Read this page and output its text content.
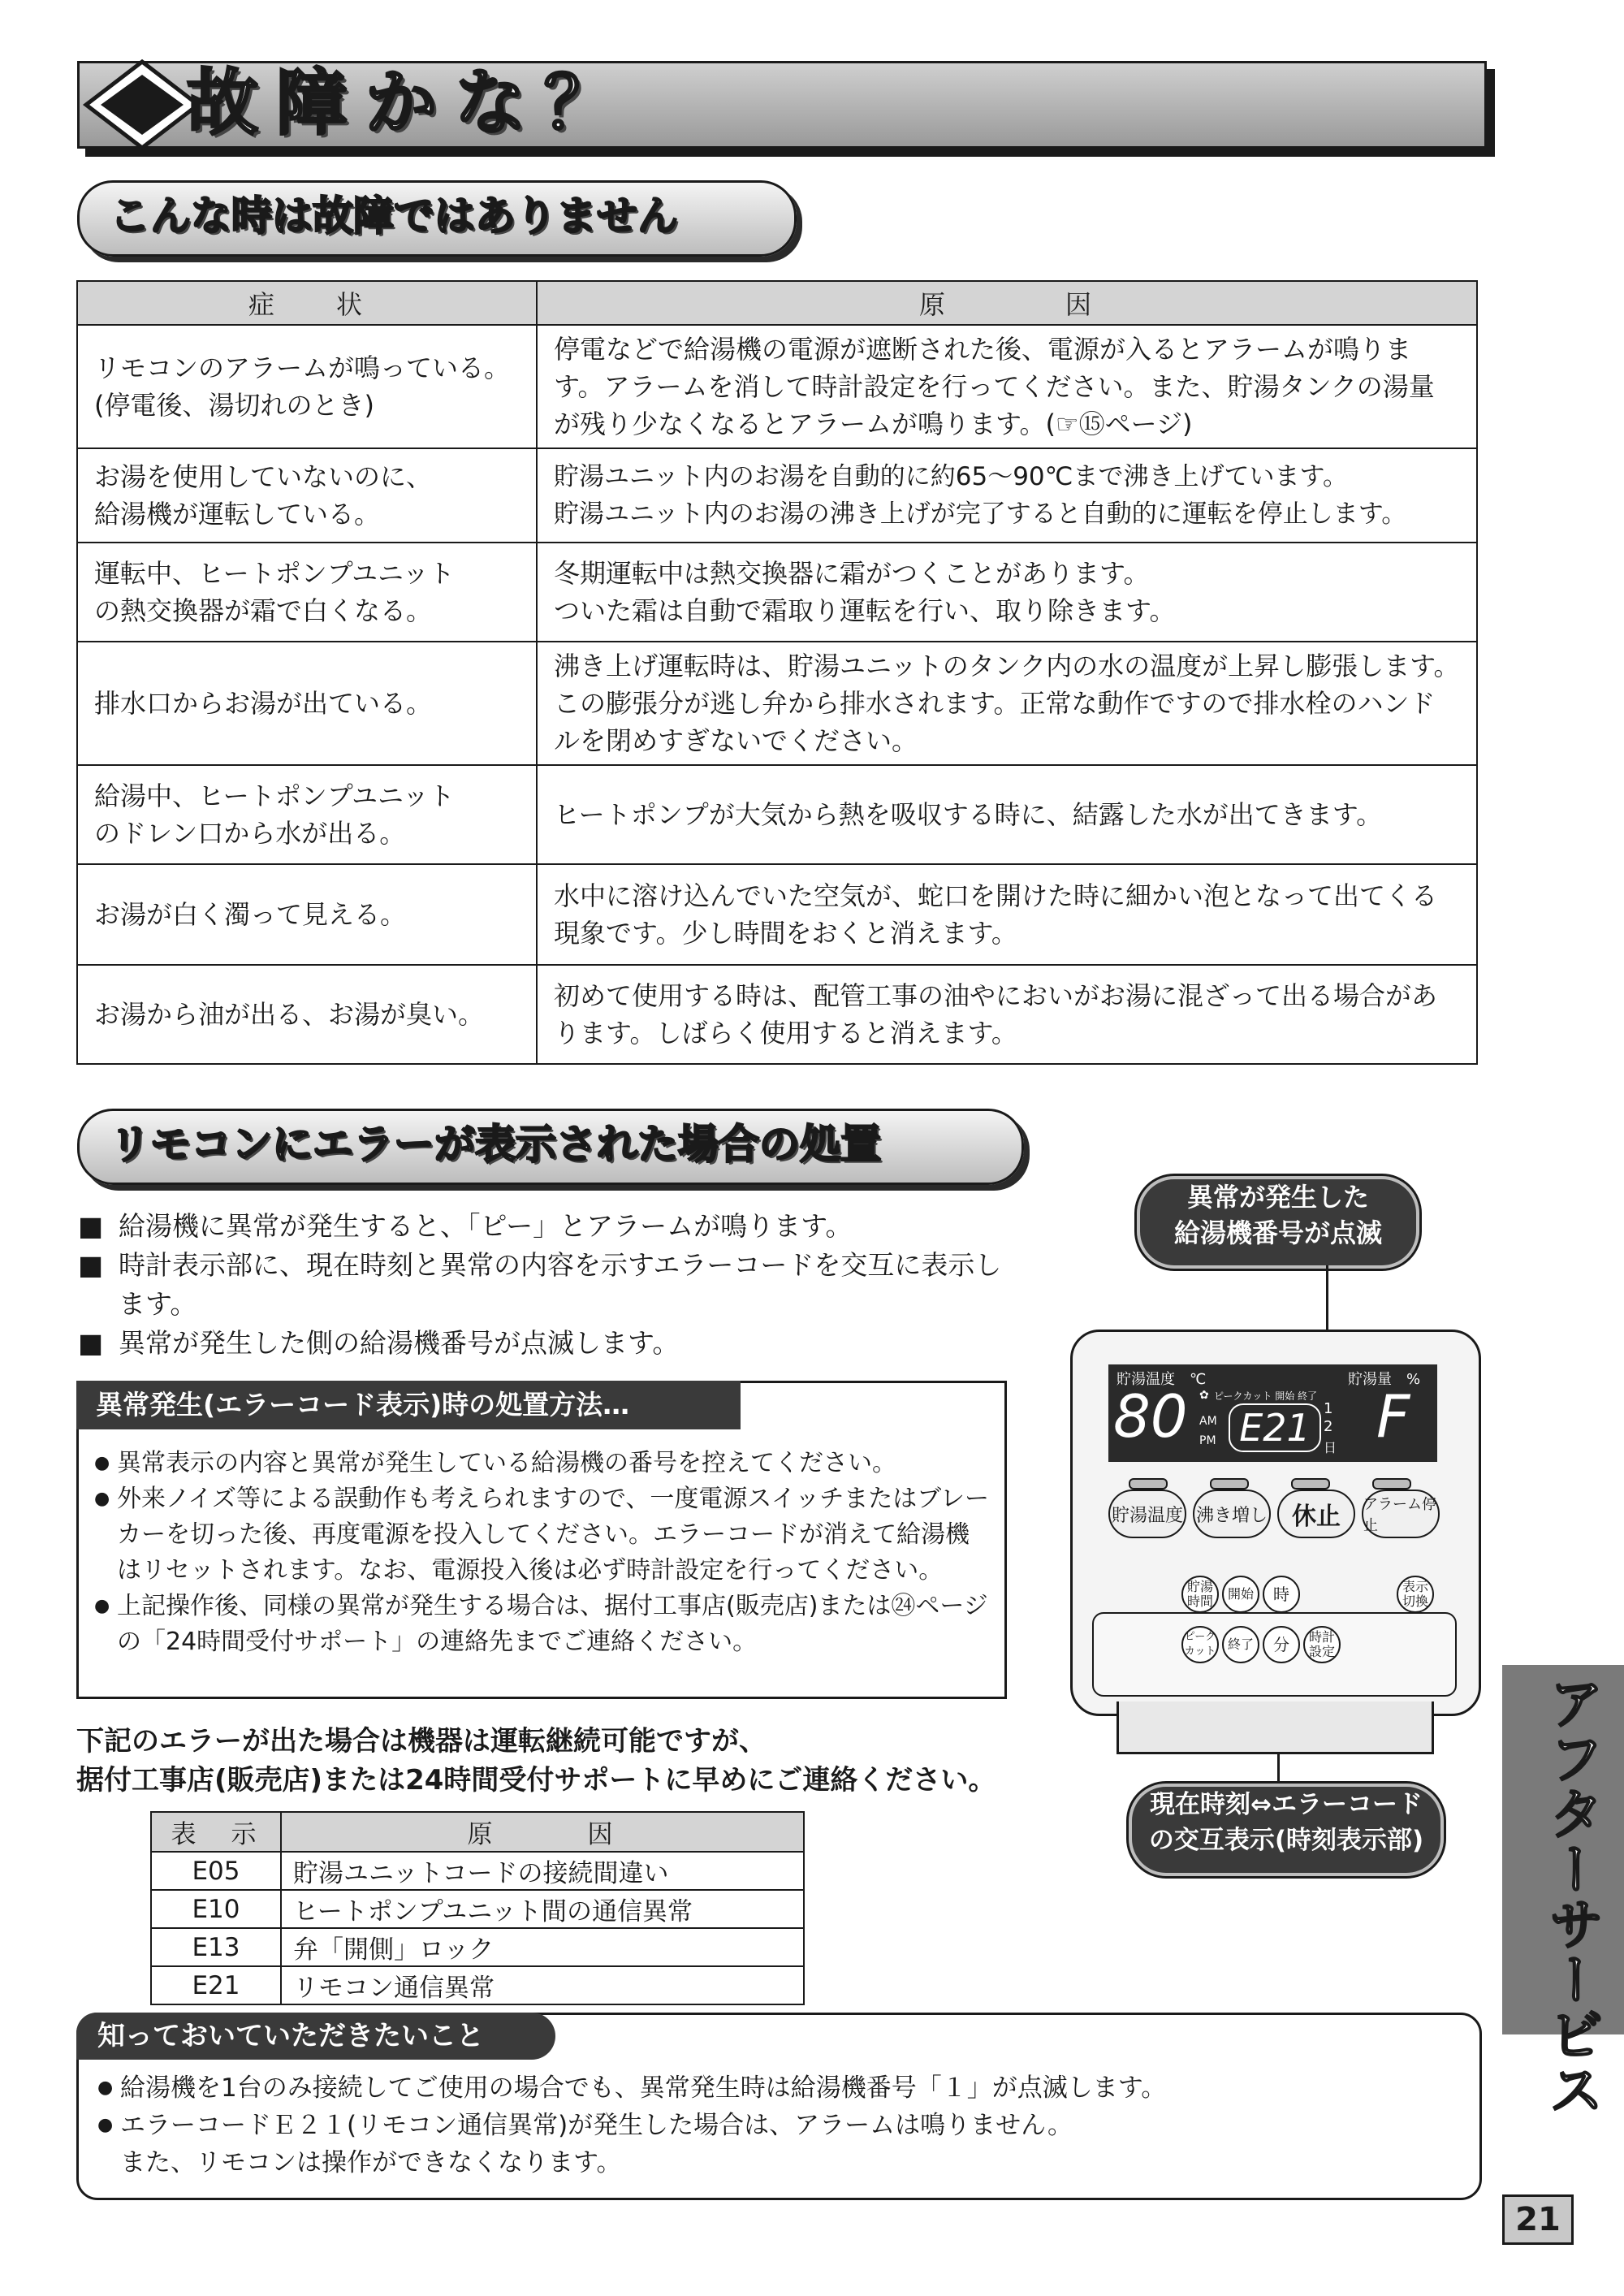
故障かな？
こんな時は故障ではありません
症　　状	原　　　　因
リモコンのアラームが鳴っている。
(停電後、湯切れのとき)	停電などで給湯機の電源が遮断された後、電源が入るとアラームが鳴ります。アラームを消して時計設定を行ってください。また、貯湯タンクの湯量が残り少なくなるとアラームが鳴ります。(☞⑮ページ)
お湯を使用していないのに、
給湯機が運転している。	貯湯ユニット内のお湯を自動的に約65〜90℃まで沸き上げています。
貯湯ユニット内のお湯の沸き上げが完了すると自動的に運転を停止します。
運転中、ヒートポンプユニット
の熱交換器が霜で白くなる。	冬期運転中は熱交換器に霜がつくことがあります。
ついた霜は自動で霜取り運転を行い、取り除きます。
排水口からお湯が出ている。	沸き上げ運転時は、貯湯ユニットのタンク内の水の温度が上昇し膨張します。この膨張分が逃し弁から排水されます。正常な動作ですので排水栓のハンドルを閉めすぎないでください。
給湯中、ヒートポンプユニット
のドレン口から水が出る。	ヒートポンプが大気から熱を吸収する時に、結露した水が出てきます。
お湯が白く濁って見える。	水中に溶け込んでいた空気が、蛇口を開けた時に細かい泡となって出てくる現象です。少し時間をおくと消えます。
お湯から油が出る、お湯が臭い。	初めて使用する時は、配管工事の油やにおいがお湯に混ざって出る場合があります。しばらく使用すると消えます。
リモコンにエラーが表示された場合の処置
■ 給湯機に異常が発生すると、「ピー」とアラームが鳴ります。
■ 時計表示部に、現在時刻と異常の内容を示すエラーコードを交互に表示します。
■ 異常が発生した側の給湯機番号が点滅します。
異常発生(エラーコード表示)時の処置方法…
● 異常表示の内容と異常が発生している給湯機の番号を控えてください。
● 外来ノイズ等による誤動作も考えられますので、一度電源スイッチまたはブレーカーを切った後、再度電源を投入してください。エラーコードが消えて給湯機はリセットされます。なお、電源投入後は必ず時計設定を行ってください。
● 上記操作後、同様の異常が発生する場合は、据付工事店(販売店)または㉔ページの「24時間受付サポート」の連絡先までご連絡ください。
下記のエラーが出た場合は機器は運転継続可能ですが、
据付工事店(販売店)または24時間受付サポートに早めにご連絡ください。
表　示	原　　　因
E05	貯湯ユニットコードの接続間違い
E10	ヒートポンプユニット間の通信異常
E13	弁「開側」ロック
E21	リモコン通信異常
異常が発生した
給湯機番号が点滅
貯湯温度　℃	貯湯量　%
80 ✿ ピークカット 開始 終了
AM
PM E21 1
2
日 F
貯湯温度 沸き増し	休止	アラーム停止
貯湯
時間	開始	時	表示
切換
ピーク
カット 終了	分	時計
設定
現在時刻⇔エラーコード
の交互表示(時刻表示部)	アフターサービス
知っておいていただきたいこと
● 給湯機を1台のみ接続してご使用の場合でも、異常発生時は給湯機番号「１」が点滅します。
● エラーコードＥ２１(リモコン通信異常)が発生した場合は、アラームは鳴りません。
また、リモコンは操作ができなくなります。
21
